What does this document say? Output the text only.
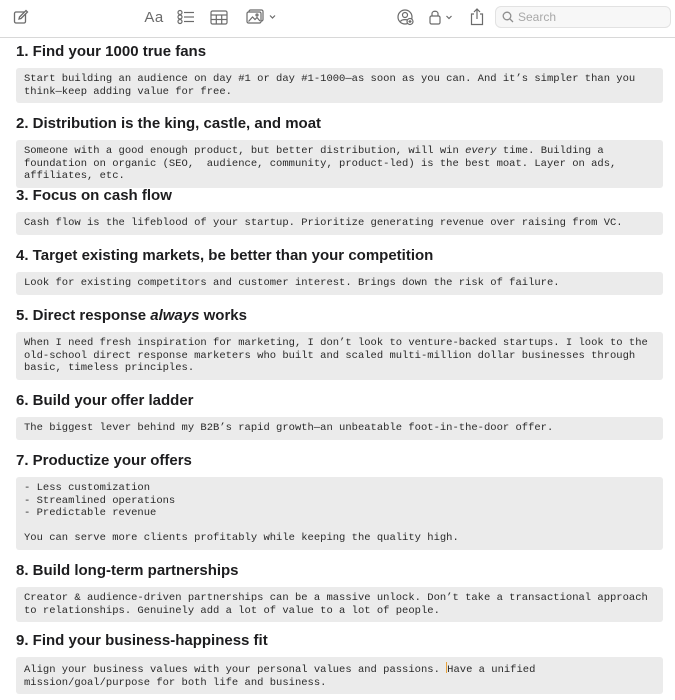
Aa
Search
1. Find your 1000 true fans
Start building an audience on day #1 or day #1-1000—as soon as you can. And it’s simpler than you think—keep adding value for free.
2. Distribution is the king, castle, and moat
Someone with a good enough product, but better distribution, will win every time. Building a foundation on organic (SEO,  audience, community, product-led) is the best moat. Layer on ads, affiliates, etc.
3. Focus on cash flow
Cash flow is the lifeblood of your startup. Prioritize generating revenue over raising from VC.
4. Target existing markets, be better than your competition
Look for existing competitors and customer interest. Brings down the risk of failure.
5. Direct response always works
When I need fresh inspiration for marketing, I don’t look to venture-backed startups. I look to the old-school direct response marketers who built and scaled multi-million dollar businesses through basic, timeless principles.
6. Build your offer ladder
The biggest lever behind my B2B’s rapid growth—an unbeatable foot-in-the-door offer.
7. Productize your offers
- Less customization
- Streamlined operations
- Predictable revenue
You can serve more clients profitably while keeping the quality high.
8. Build long-term partnerships
Creator & audience-driven partnerships can be a massive unlock. Don’t take a transactional approach to relationships. Genuinely add a lot of value to a lot of people.
9. Find your business-happiness fit
Align your business values with your personal values and passions. Have a unified mission/goal/purpose for both life and business.
